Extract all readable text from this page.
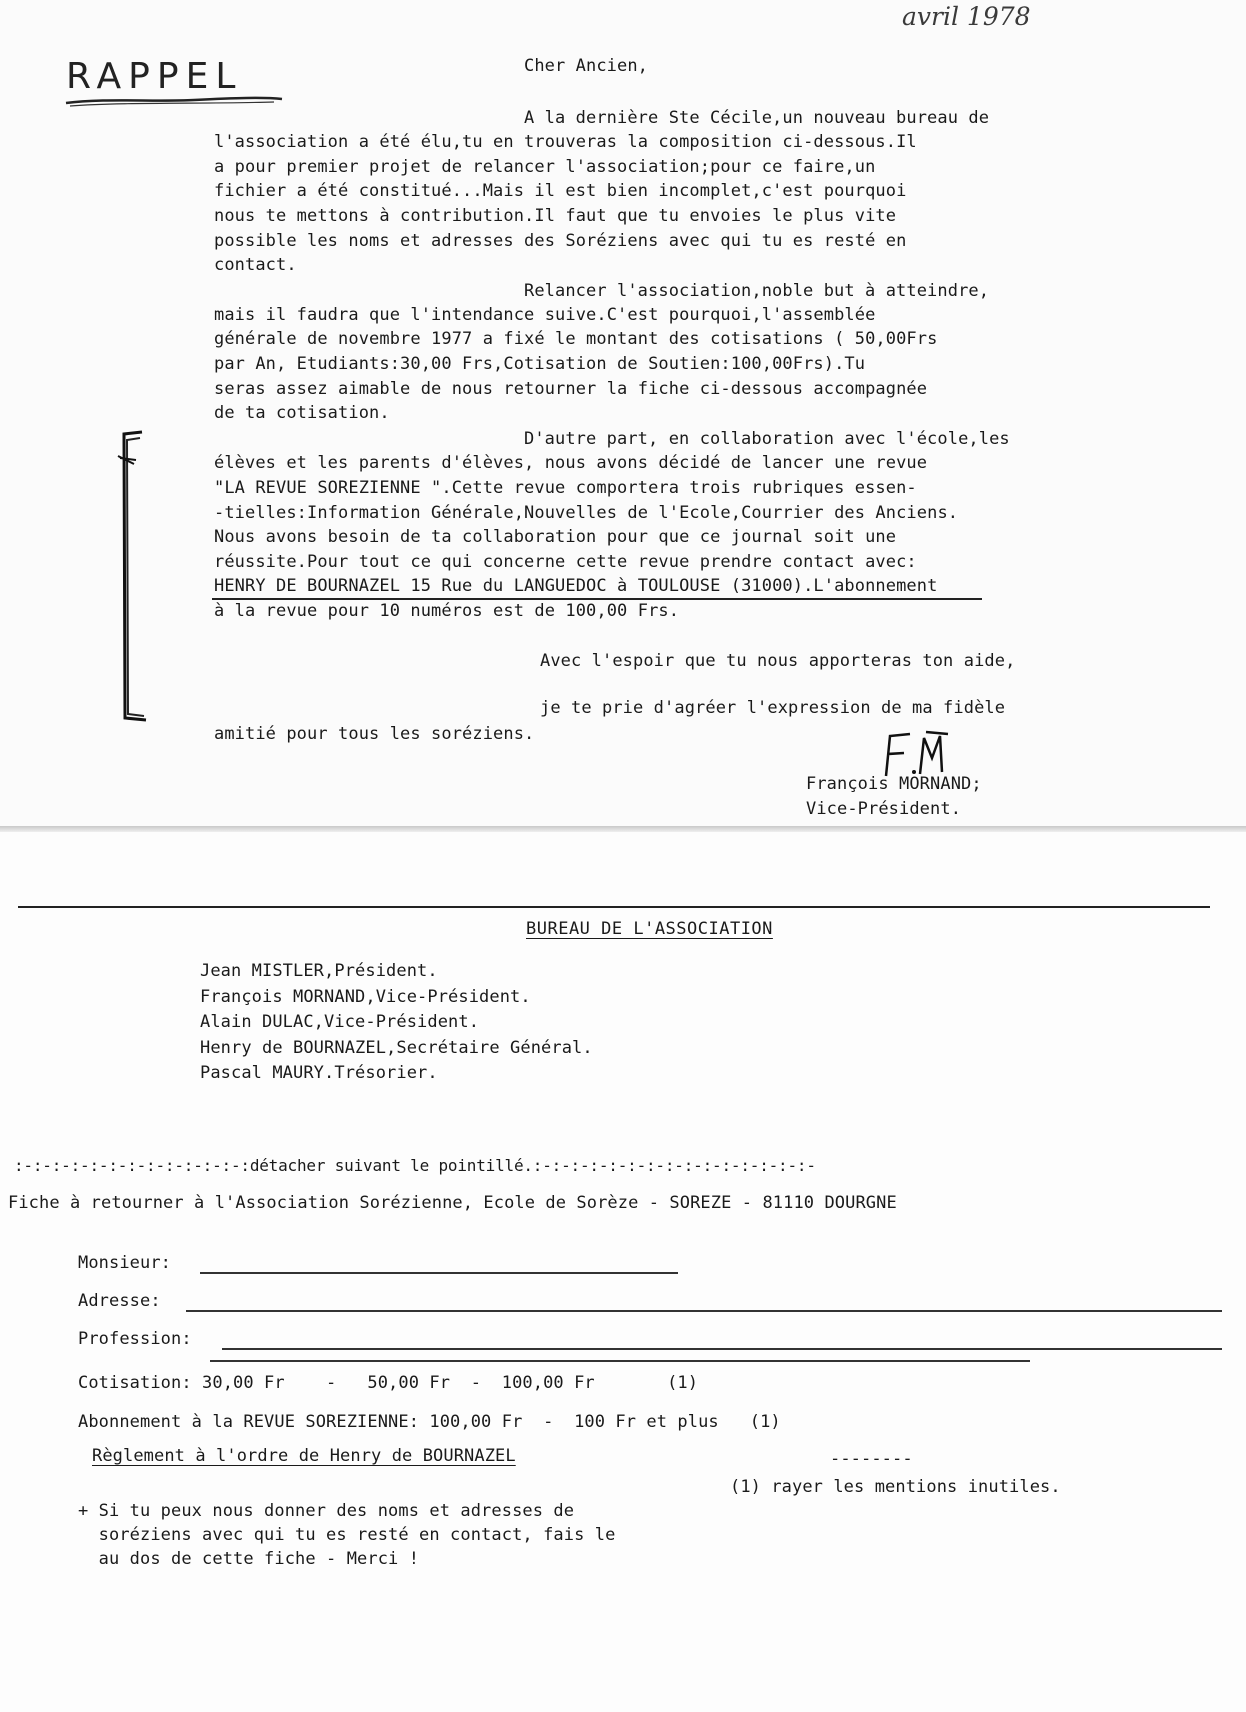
avril 1978
RAPPEL	Cher Ancien,
A la dernière Ste Cécile,un nouveau bureau de
l'association a été élu,tu en trouveras la composition ci-dessous.Il
a pour premier projet de relancer l'association;pour ce faire,un
fichier a été constitué...Mais il est bien incomplet,c'est pourquoi
nous te mettons à contribution.Il faut que tu envoies le plus vite
possible les noms et adresses des Soréziens avec qui tu es resté en
contact.
Relancer l'association,noble but à atteindre,
mais il faudra que l'intendance suive.C'est pourquoi,l'assemblée
générale de novembre 1977 a fixé le montant des cotisations ( 50,00Frs
par An, Etudiants:30,00 Frs,Cotisation de Soutien:100,00Frs).Tu
seras assez aimable de nous retourner la fiche ci-dessous accompagnée
de ta cotisation.
D'autre part, en collaboration avec l'école,les
élèves et les parents d'élèves, nous avons décidé de lancer une revue
"LA REVUE SOREZIENNE ".Cette revue comportera trois rubriques essen-
-tielles:Information Générale,Nouvelles de l'Ecole,Courrier des Anciens.
Nous avons besoin de ta collaboration pour que ce journal soit une
réussite.Pour tout ce qui concerne cette revue prendre contact avec:
HENRY DE BOURNAZEL 15 Rue du LANGUEDOC à TOULOUSE (31000).L'abonnement
à la revue pour 10 numéros est de 100,00 Frs.
Avec l'espoir que tu nous apporteras ton aide,
je te prie d'agréer l'expression de ma fidèle
amitié pour tous les soréziens.
François MORNAND;
Vice-Président.
BUREAU DE L'ASSOCIATION
Jean MISTLER,Président.
François MORNAND,Vice-Président.
Alain DULAC,Vice-Président.
Henry de BOURNAZEL,Secrétaire Général.
Pascal MAURY.Trésorier.
:-:-:-:-:-:-:-:-:-:-:-:-:détacher suivant le pointillé.:-:-:-:-:-:-:-:-:-:-:-:-:-:-:-
Fiche à retourner à l'Association Sorézienne, Ecole de Sorèze - SOREZE - 81110 DOURGNE
Monsieur:
Adresse:
Profession:
Cotisation: 30,00 Fr    -   50,00 Fr  -  100,00 Fr       (1)
Abonnement à la REVUE SOREZIENNE: 100,00 Fr  -  100 Fr et plus   (1)
Règlement à l'ordre de Henry de BOURNAZEL	--------
(1) rayer les mentions inutiles.
+ Si tu peux nous donner des noms et adresses de
soréziens avec qui tu es resté en contact, fais le
au dos de cette fiche - Merci !
